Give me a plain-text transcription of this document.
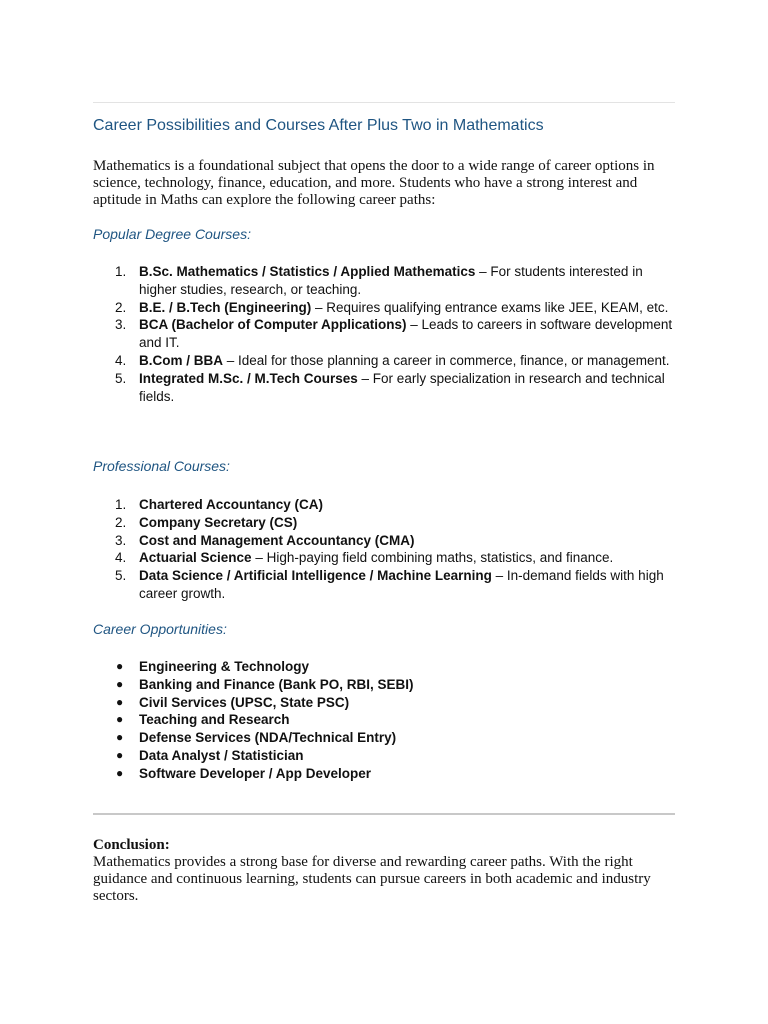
Career Possibilities and Courses After Plus Two in Mathematics

Mathematics is a foundational subject that opens the door to a wide range of career options in science, technology, finance, education, and more. Students who have a strong interest and aptitude in Maths can explore the following career paths:

Popular Degree Courses:
1. B.Sc. Mathematics / Statistics / Applied Mathematics – For students interested in higher studies, research, or teaching.
2. B.E. / B.Tech (Engineering) – Requires qualifying entrance exams like JEE, KEAM, etc.
3. BCA (Bachelor of Computer Applications) – Leads to careers in software development and IT.
4. B.Com / BBA – Ideal for those planning a career in commerce, finance, or management.
5. Integrated M.Sc. / M.Tech Courses – For early specialization in research and technical fields.
Professional Courses:
1. Chartered Accountancy (CA)
2. Company Secretary (CS)
3. Cost and Management Accountancy (CMA)
4. Actuarial Science – High-paying field combining maths, statistics, and finance.
5. Data Science / Artificial Intelligence / Machine Learning – In-demand fields with high career growth.
Career Opportunities:
● Engineering & Technology
● Banking and Finance (Bank PO, RBI, SEBI)
● Civil Services (UPSC, State PSC)
● Teaching and Research
● Defense Services (NDA/Technical Entry)
● Data Analyst / Statistician
● Software Developer / App Developer
Conclusion:

Mathematics provides a strong base for diverse and rewarding career paths. With the right guidance and continuous learning, students can pursue careers in both academic and industry sectors.
